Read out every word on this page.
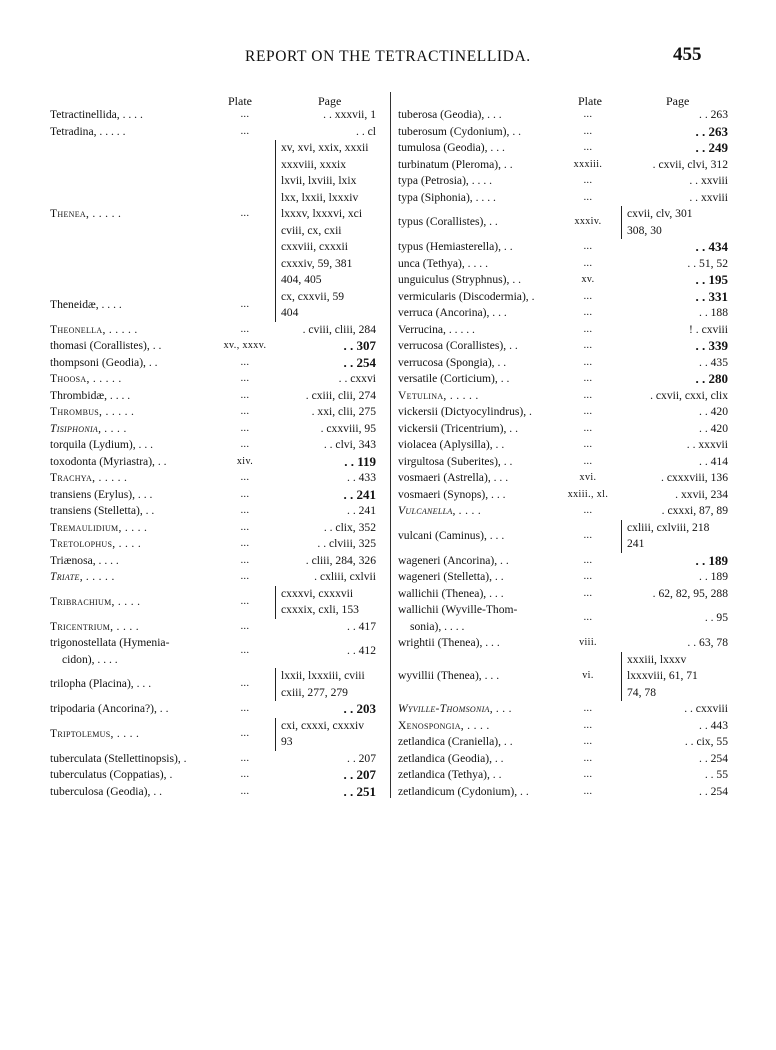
REPORT ON THE TETRACTINELLIDA.	455
Plate	Page	Plate	Page
Tetractinellida, . . . .	...	. . xxxvii, 1
Tetradina, . . . . .	...	. . cl
Thenea, . . . . .	...
xv, xvi, xxix, xxxii
xxxviii, xxxix
lxvii, lxviii, lxix
lxx, lxxii, lxxxiv
lxxxv, lxxxvi, xci
cviii, cx, cxii
cxxviii, cxxxii
cxxxiv, 59, 381
404, 405
Theneidæ, . . . .	...
cx, cxxvii, 59
404
Theonella, . . . . .	...	. cviii, cliii, 284
thomasi (Corallistes), . .	xv., xxxv.	. . 307
thompsoni (Geodia), . .	...	. . 254
Thoosa, . . . . .	...	. . cxxvi
Thrombidæ, . . . .	...	. cxiii, clii, 274
Thrombus, . . . . .	...	. xxi, clii, 275
Tisiphonia, . . . .	...	. cxxviii, 95
torquila (Lydium), . . .	...	. . clvi, 343
toxodonta (Myriastra), . .	xiv.	. . 119
Trachya, . . . . .	...	. . 433
transiens (Erylus), . . .	...	. . 241
transiens (Stelletta), . .	...	. . 241
Tremaulidium, . . . .	...	. . clix, 352
Tretolophus, . . . .	...	. . clviii, 325
Triænosa, . . . .	...	. cliii, 284, 326
Triate, . . . . .	...	. cxliii, cxlvii
Tribrachium, . . . .	...
cxxxvi, cxxxvii
cxxxix, cxli, 153
Tricentrium, . . . .	...	. . 417
trigonostellata (Hymenia-
cidon), . . . .
...	. . 412
trilopha (Placina), . . .	...
lxxii, lxxxiii, cviii
cxiii, 277, 279
tripodaria (Ancorina?), . .	...	. . 203
Triptolemus, . . . .	...
cxi, cxxxi, cxxxiv
93
tuberculata (Stellettinopsis), .	...	. . 207
tuberculatus (Coppatias), .	...	. . 207
tuberculosa (Geodia), . .	...	. . 251
tuberosa (Geodia), . . .	...	. . 263
tuberosum (Cydonium), . .	...	. . 263
tumulosa (Geodia), . . .	...	. . 249
turbinatum (Pleroma), . .	xxxiii.	. cxvii, clvi, 312
typa (Petrosia), . . . .	...	. . xxviii
typa (Siphonia), . . . .	...	. . xxviii
typus (Corallistes), . .	xxxiv.
cxvii, clv, 301
308, 30
typus (Hemiasterella), . .	...	. . 434
unca (Tethya), . . . .	...	. . 51, 52
unguiculus (Stryphnus), . .	xv.	. . 195
vermicularis (Discodermia), .	...	. . 331
verruca (Ancorina), . . .	...	. . 188
Verrucina, . . . . .	...	! . cxviii
verrucosa (Corallistes), . .	...	. . 339
verrucosa (Spongia), . .	...	. . 435
versatile (Corticium), . .	...	. . 280
Vetulina, . . . . .	...	. cxvii, cxxi, clix
vickersii (Dictyocylindrus), .	...	. . 420
vickersii (Tricentrium), . .	...	. . 420
violacea (Aplysilla), . .	...	. . xxxvii
virgultosa (Suberites), . .	...	. . 414
vosmaeri (Astrella), . . .	xvi.	. cxxxviii, 136
vosmaeri (Synops), . . .	xxiii., xl.	. xxvii, 234
Vulcanella, . . . .	...	. cxxxi, 87, 89
vulcani (Caminus), . . .	...
cxliii, cxlviii, 218
241
wageneri (Ancorina), . .	...	. . 189
wageneri (Stelletta), . .	...	. . 189
wallichii (Thenea), . . .	...	. 62, 82, 95, 288
wallichii (Wyville-Thom-
sonia), . . . .
...	. . 95
wrightii (Thenea), . . .	viii.	. . 63, 78
wyvillii (Thenea), . . .	vi.
xxxiii, lxxxv
lxxxviii, 61, 71
74, 78
Wyville-Thomsonia, . . .	...	. . cxxviii
Xenospongia, . . . .	...	. . 443
zetlandica (Craniella), . .	...	. . cix, 55
zetlandica (Geodia), . .	...	. . 254
zetlandica (Tethya), . .	...	. . 55
zetlandicum (Cydonium), . .	...	. . 254
